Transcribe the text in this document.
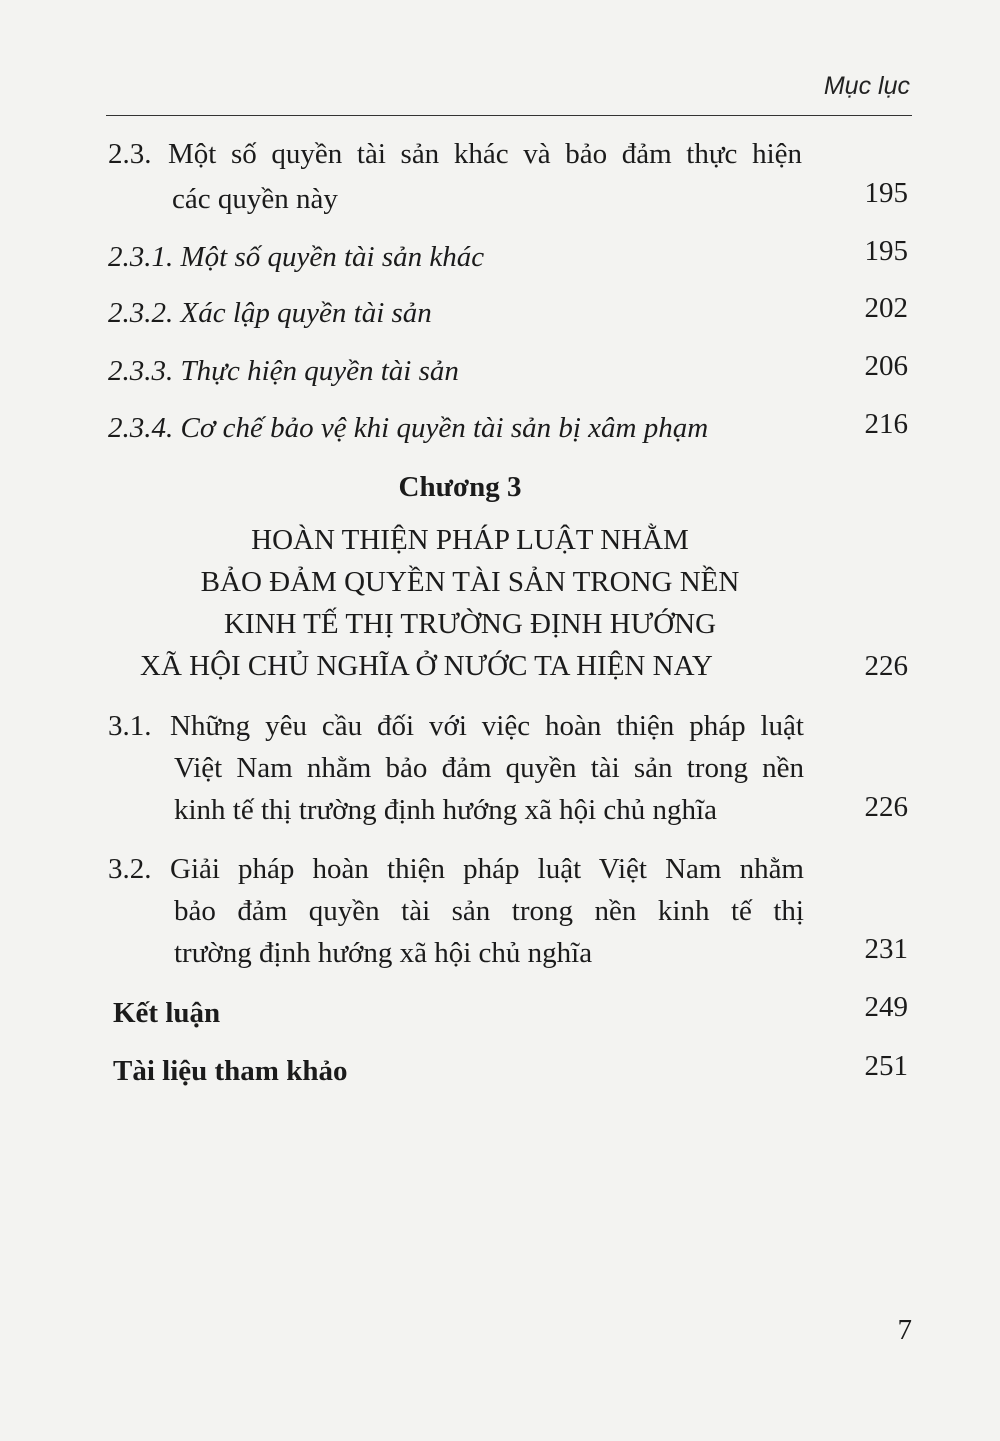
Mục lục
2.3. Một số quyền tài sản khác và bảo đảm thực hiện
các quyền này	195
2.3.1. Một số quyền tài sản khác	195
2.3.2. Xác lập quyền tài sản	202
2.3.3. Thực hiện quyền tài sản	206
2.3.4. Cơ chế bảo vệ khi quyền tài sản bị xâm phạm	216
Chương 3
HOÀN THIỆN PHÁP LUẬT NHẰM
BẢO ĐẢM QUYỀN TÀI SẢN TRONG NỀN
KINH TẾ THỊ TRƯỜNG ĐỊNH HƯỚNG
XÃ HỘI CHỦ NGHĨA Ở NƯỚC TA HIỆN NAY	226
3.1. Những yêu cầu đối với việc hoàn thiện pháp luật
Việt Nam nhằm bảo đảm quyền tài sản trong nền
kinh tế thị trường định hướng xã hội chủ nghĩa	226
3.2. Giải pháp hoàn thiện pháp luật Việt Nam nhằm
bảo đảm quyền tài sản trong nền kinh tế thị
trường định hướng xã hội chủ nghĩa	231
Kết luận	249
Tài liệu tham khảo	251
7
